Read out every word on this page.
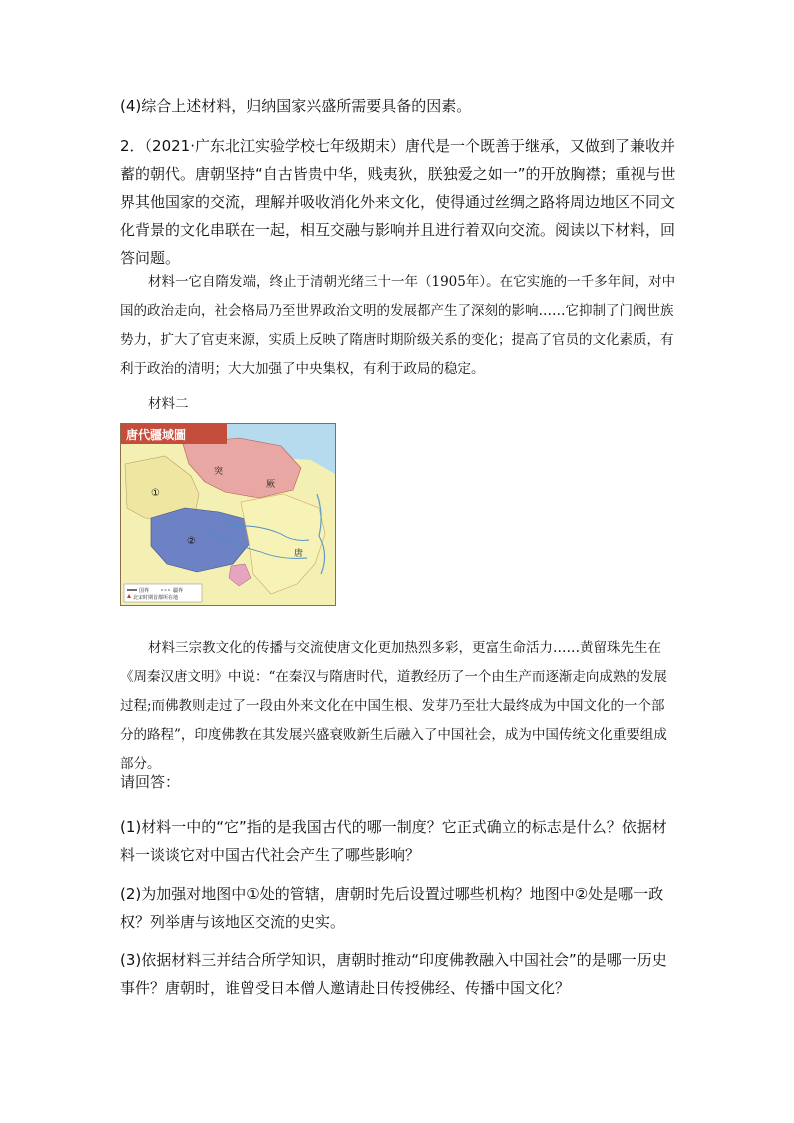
(4)综合上述材料，归纳国家兴盛所需要具备的因素。

2．（2021·广东北江实验学校七年级期末）唐代是一个既善于继承，又做到了兼收并蓄的朝代。唐朝坚持“自古皆贵中华，贱夷狄，朕独爱之如一”的开放胸襟；重视与世界其他国家的交流，理解并吸收消化外来文化，使得通过丝绸之路将周边地区不同文化背景的文化串联在一起，相互交融与影响并且进行着双向交流。阅读以下材料，回答问题。

材料一它自隋发端，终止于清朝光绪三十一年（1905年）。在它实施的一千多年间，对中国的政治走向，社会格局乃至世界政治文明的发展都产生了深刻的影响……它抑制了门阀世族势力，扩大了官吏来源，实质上反映了隋唐时期阶级关系的变化；提高了官员的文化素质，有利于政治的清明；大大加强了中央集权，有利于政局的稳定。

材料二

唐代疆域圖
突
厥
唐
①
②
国界	疆界
北宋时期首都所在地

材料三宗教文化的传播与交流使唐文化更加热烈多彩，更富生命活力……黄留珠先生在《周秦汉唐文明》中说：“在秦汉与隋唐时代，道教经历了一个由生产而逐渐走向成熟的发展过程;而佛教则走过了一段由外来文化在中国生根、发芽乃至壮大最终成为中国文化的一个部分的路程”，印度佛教在其发展兴盛衰败新生后融入了中国社会，成为中国传统文化重要组成部分。

请回答：

(1)材料一中的“它”指的是我国古代的哪一制度？它正式确立的标志是什么？依据材料一谈谈它对中国古代社会产生了哪些影响？

(2)为加强对地图中①处的管辖，唐朝时先后设置过哪些机构？地图中②处是哪一政权？列举唐与该地区交流的史实。

(3)依据材料三并结合所学知识，唐朝时推动“印度佛教融入中国社会”的是哪一历史事件？唐朝时，谁曾受日本僧人邀请赴日传授佛经、传播中国文化？
